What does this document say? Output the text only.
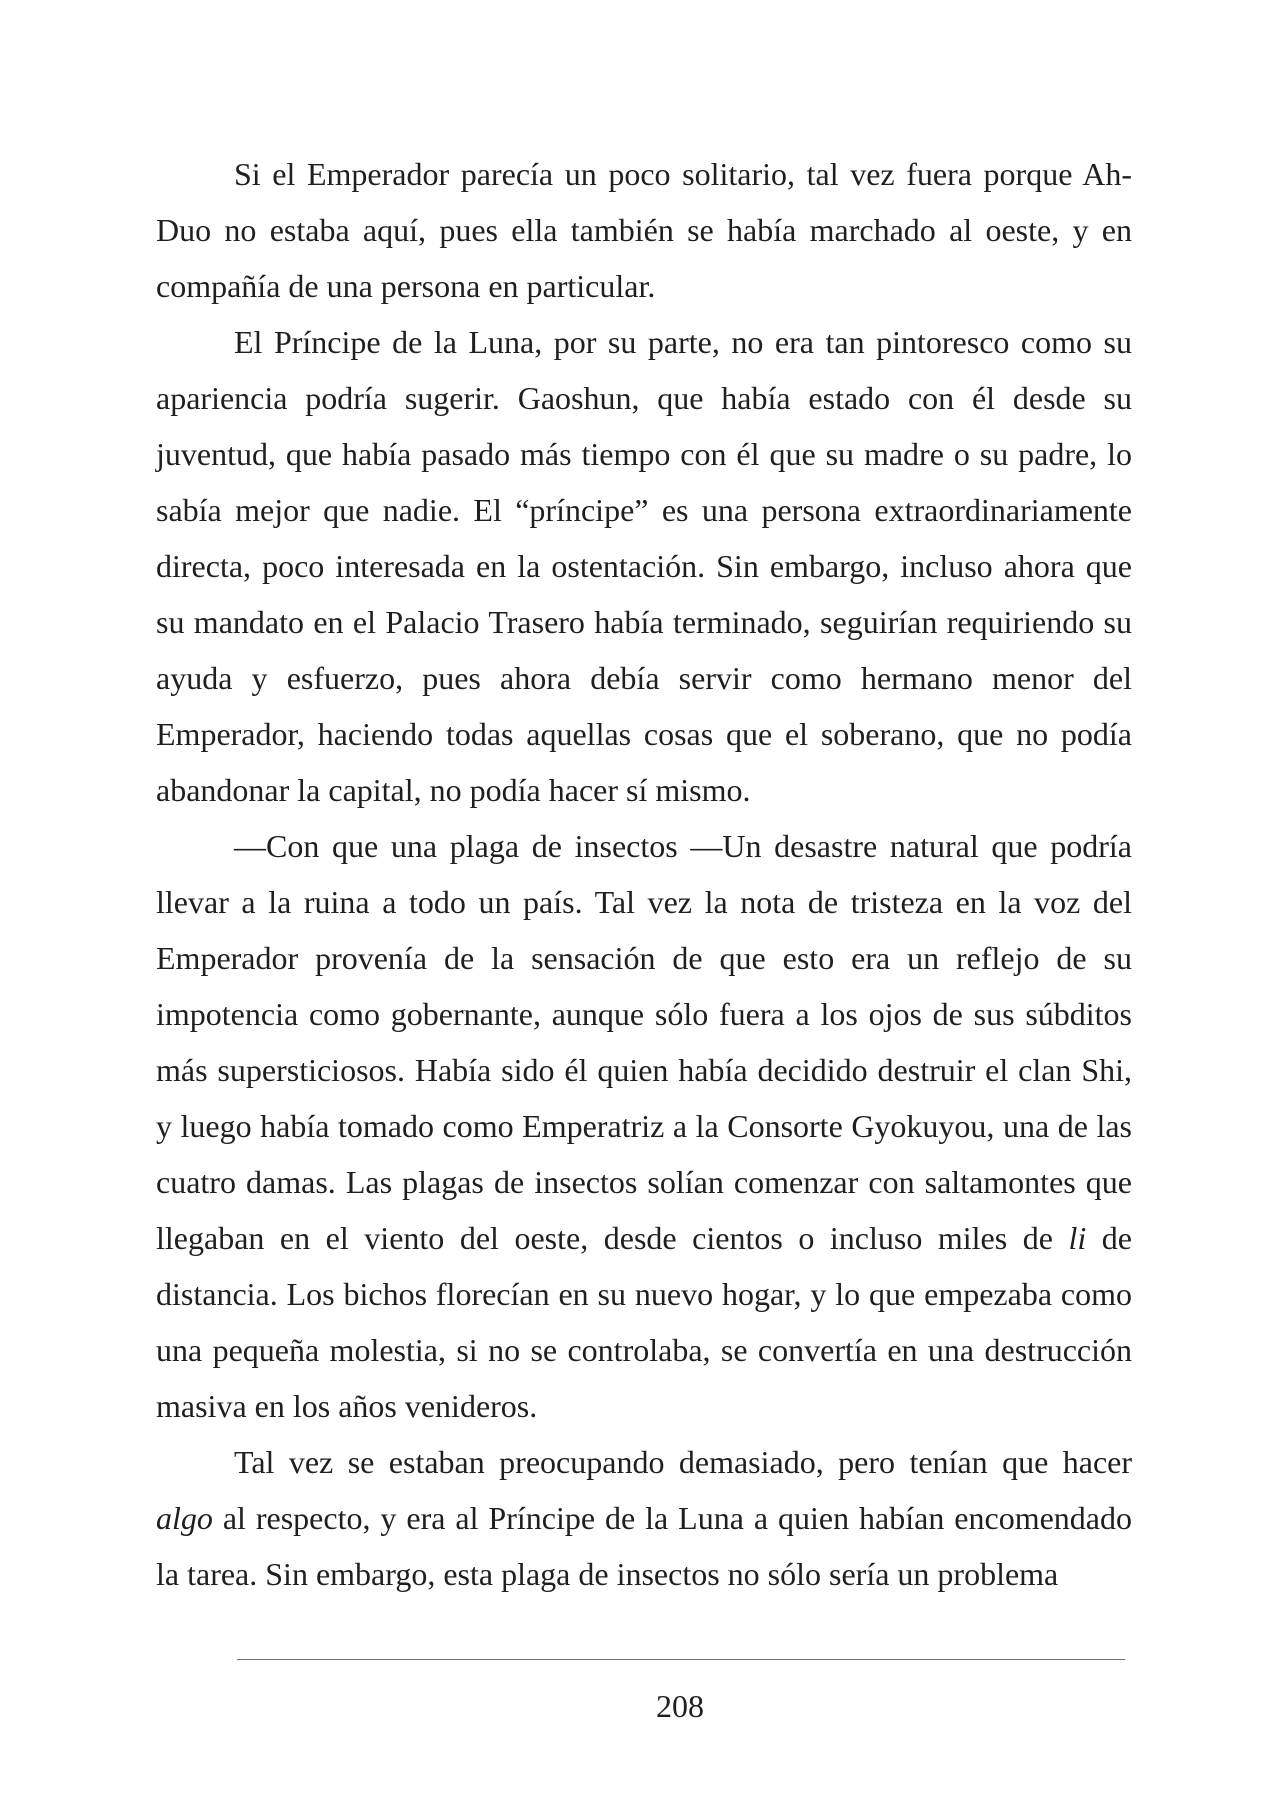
Si el Emperador parecía un poco solitario, tal vez fuera porque Ah-Duo no estaba aquí, pues ella también se había marchado al oeste, y en compañía de una persona en particular.

El Príncipe de la Luna, por su parte, no era tan pintoresco como su apariencia podría sugerir. Gaoshun, que había estado con él desde su juventud, que había pasado más tiempo con él que su madre o su padre, lo sabía mejor que nadie. El “príncipe” es una persona extraordinariamente directa, poco interesada en la ostentación. Sin embargo, incluso ahora que su mandato en el Palacio Trasero había terminado, seguirían requiriendo su ayuda y esfuerzo, pues ahora debía servir como hermano menor del Emperador, haciendo todas aquellas cosas que el soberano, que no podía abandonar la capital, no podía hacer sí mismo.

—Con que una plaga de insectos —Un desastre natural que podría llevar a la ruina a todo un país. Tal vez la nota de tristeza en la voz del Emperador provenía de la sensación de que esto era un reflejo de su impotencia como gobernante, aunque sólo fuera a los ojos de sus súbditos más supersticiosos. Había sido él quien había decidido destruir el clan Shi, y luego había tomado como Emperatriz a la Consorte Gyokuyou, una de las cuatro damas. Las plagas de insectos solían comenzar con saltamontes que llegaban en el viento del oeste, desde cientos o incluso miles de li de distancia. Los bichos florecían en su nuevo hogar, y lo que empezaba como una pequeña molestia, si no se controlaba, se convertía en una destrucción masiva en los años venideros.

Tal vez se estaban preocupando demasiado, pero tenían que hacer algo al respecto, y era al Príncipe de la Luna a quien habían encomendado la tarea. Sin embargo, esta plaga de insectos no sólo sería un problema

208
